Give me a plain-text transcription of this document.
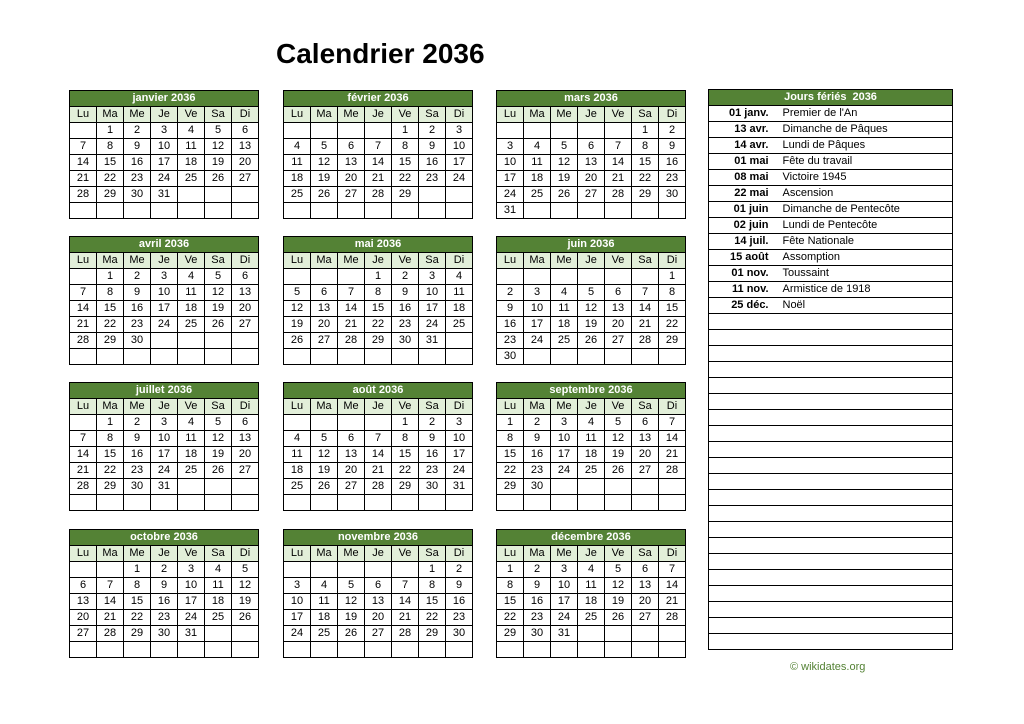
Calendrier 2036
janvier 2036						
Lu	Ma	Me	Je	Ve	Sa	Di
	1	2	3	4	5	6
7	8	9	10	11	12	13
14	15	16	17	18	19	20
21	22	23	24	25	26	27
28	29	30	31			

février 2036						
Lu	Ma	Me	Je	Ve	Sa	Di
				1	2	3
4	5	6	7	8	9	10
11	12	13	14	15	16	17
18	19	20	21	22	23	24
25	26	27	28	29		

mars 2036						
Lu	Ma	Me	Je	Ve	Sa	Di
					1	2
3	4	5	6	7	8	9
10	11	12	13	14	15	16
17	18	19	20	21	22	23
24	25	26	27	28	29	30
31						
avril 2036						
Lu	Ma	Me	Je	Ve	Sa	Di
	1	2	3	4	5	6
7	8	9	10	11	12	13
14	15	16	17	18	19	20
21	22	23	24	25	26	27
28	29	30				

mai 2036						
Lu	Ma	Me	Je	Ve	Sa	Di
			1	2	3	4
5	6	7	8	9	10	11
12	13	14	15	16	17	18
19	20	21	22	23	24	25
26	27	28	29	30	31	

juin 2036						
Lu	Ma	Me	Je	Ve	Sa	Di
						1
2	3	4	5	6	7	8
9	10	11	12	13	14	15
16	17	18	19	20	21	22
23	24	25	26	27	28	29
30						
juillet 2036						
Lu	Ma	Me	Je	Ve	Sa	Di
	1	2	3	4	5	6
7	8	9	10	11	12	13
14	15	16	17	18	19	20
21	22	23	24	25	26	27
28	29	30	31			

août 2036						
Lu	Ma	Me	Je	Ve	Sa	Di
				1	2	3
4	5	6	7	8	9	10
11	12	13	14	15	16	17
18	19	20	21	22	23	24
25	26	27	28	29	30	31

septembre 2036						
Lu	Ma	Me	Je	Ve	Sa	Di
1	2	3	4	5	6	7
8	9	10	11	12	13	14
15	16	17	18	19	20	21
22	23	24	25	26	27	28
29	30					

octobre 2036						
Lu	Ma	Me	Je	Ve	Sa	Di
		1	2	3	4	5
6	7	8	9	10	11	12
13	14	15	16	17	18	19
20	21	22	23	24	25	26
27	28	29	30	31		

novembre 2036						
Lu	Ma	Me	Je	Ve	Sa	Di
					1	2
3	4	5	6	7	8	9
10	11	12	13	14	15	16
17	18	19	20	21	22	23
24	25	26	27	28	29	30

décembre 2036						
Lu	Ma	Me	Je	Ve	Sa	Di
1	2	3	4	5	6	7
8	9	10	11	12	13	14
15	16	17	18	19	20	21
22	23	24	25	26	27	28
29	30	31				

Jours fériés 2036	
01 janv.	Premier de l'An
13 avr.	Dimanche de Pâques
14 avr.	Lundi de Pâques
01 mai	Fête du travail
08 mai	Victoire 1945
22 mai	Ascension
01 juin	Dimanche de Pentecôte
02 juin	Lundi de Pentecôte
14 juil.	Fête Nationale
15 août	Assomption
01 nov.	Toussaint
11 nov.	Armistice de 1918
25 déc.	Noël

© wikidates.org
